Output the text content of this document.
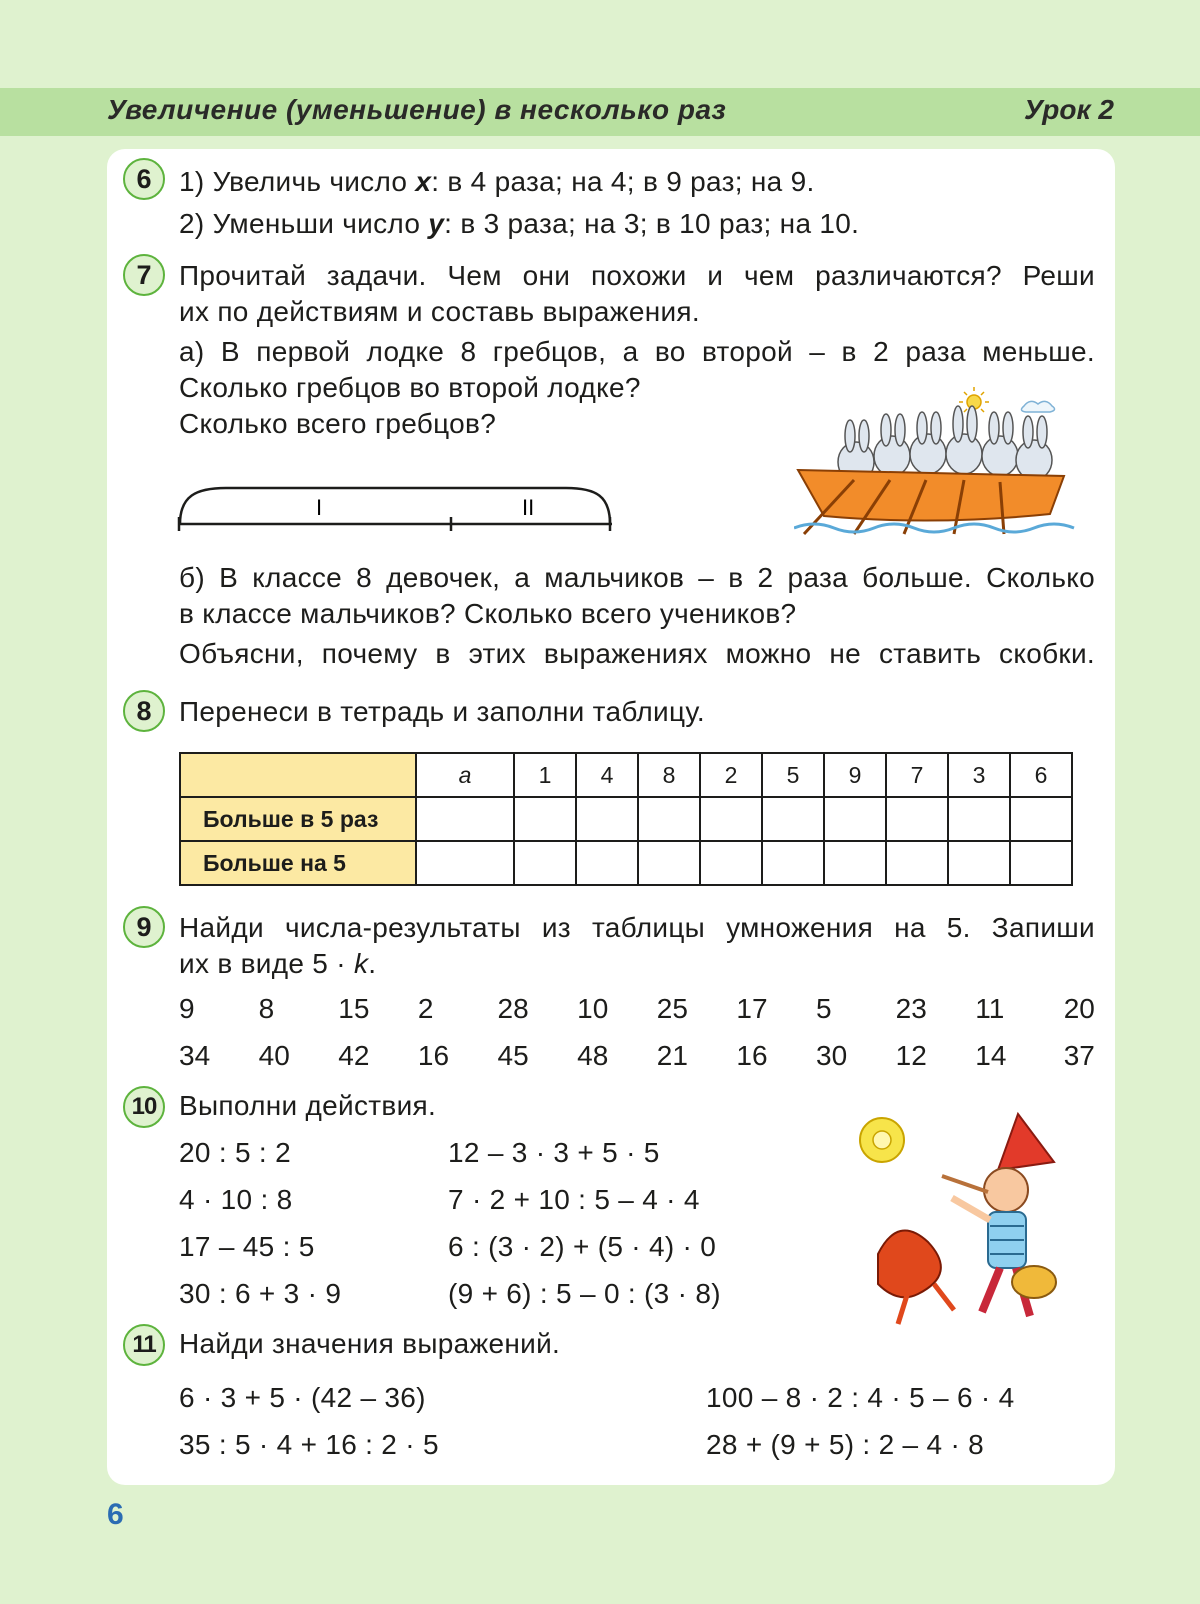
Увеличение (уменьшение) в несколько раз	Урок 2
6 1) Увеличь число x: в 4 раза; на 4; в 9 раз; на 9.
2) Уменьши число y: в 3 раза; на 3; в 10 раз; на 10.
7 Прочитай задачи. Чем они похожи и чем различаются? Реши
их по действиям и составь выражения.
а) В первой лодке 8 гребцов, а во второй – в 2 раза меньше.
Сколько гребцов во второй лодке?
Сколько всего гребцов?
I	II
б) В классе 8 девочек, а мальчиков – в 2 раза больше. Сколько
в классе мальчиков? Сколько всего учеников?
Объясни, почему в этих выражениях можно не ставить скобки.
8 Перенеси в тетрадь и заполни таблицу.
	a	1	4	8	2	5	9	7	3	6
Больше в 5 раз										
Больше на 5										
9 Найди числа-результаты из таблицы умножения на 5. Запиши
их в виде 5 · k.
9	8	15	2	28	10	25	17	5	23	11	20
34	40	42	16	45	48	21	16	30	12	14	37
10 Выполни действия.
20 : 5 : 2
4 · 10 : 8
17 – 45 : 5
30 : 6 + 3 · 9
12 – 3 · 3 + 5 · 5
7 · 2 + 10 : 5 – 4 · 4
6 : (3 · 2) + (5 · 4) · 0
(9 + 6) : 5 – 0 : (3 · 8)
11 Найди значения выражений.
6 · 3 + 5 · (42 – 36)
35 : 5 · 4 + 16 : 2 · 5
100 – 8 · 2 : 4 · 5 – 6 · 4
28 + (9 + 5) : 2 – 4 · 8
6
